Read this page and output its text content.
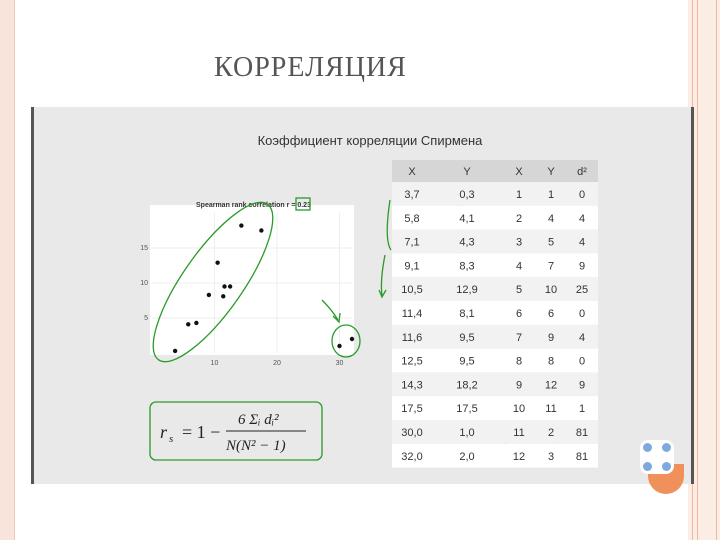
КОРРЕЛЯЦИЯ
Коэффициент корреляции Спирмена
Spearman rank correlation r = 0.23
10	20	30
5
10
15
X	Y	X Y d²
3,7	0,3	1 1 0
5,8	4,1	2 4 4
7,1	4,3	3 5 4
9,1	8,3	4 7 9
10,5	12,9	5 10 25
11,4	8,1	6 6 0
11,6	9,5	7 9 4
12,5	9,5	8 8 0
14,3	18,2	9 12 9
17,5	17,5	10 11 1
30,0	1,0	11 2 81
32,0	2,0	12 3 81
r s = 1 −
6 Σᵢ dᵢ²
N(N² − 1)
